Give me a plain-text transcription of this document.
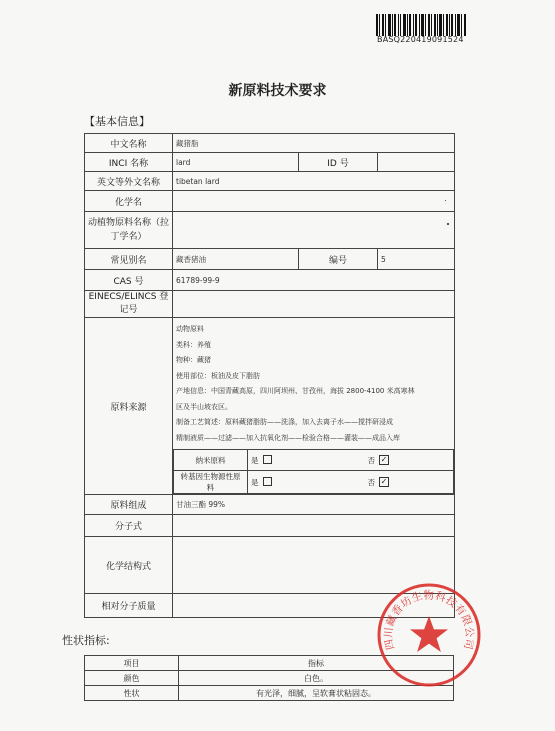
BASQ220419091524
新原料技术要求
【基本信息】
中文名称	藏猪脂
INCI 名称	lard	ID 号	
英文等外文名称	tibetan lard
化学名	
动植物原料名称（拉丁学名）	
常见别名	藏香猪油	编号	5
CAS 号	61789-99-9
EINECS/ELINCS 登记号	
原料来源	
动物原料
类科：养殖
物种：藏猪
使用部位：板油及皮下脂肪
产地信息：中国青藏高原，四川阿坝州、甘孜州，海拔 2800-4100 米高寒林
区及半山坡农区。
制备工艺简述：原料藏猪脂肪——洗涤，加入去离子水——搅拌研浸成
精制液质——过滤——加入抗氧化剂——检验合格——灌装——成品入库
纳米原料	是	否 ✓
转基因生物源性原料	是	否 ✓

原料组成	甘油三酯 99%
分子式	
化学结构式	
相对分子质量	
性状指标:
项目	指标
颜色	白色。
性状	有光泽，细腻，呈软膏状粘固态。
四川藏香坊生物科技有限公司
